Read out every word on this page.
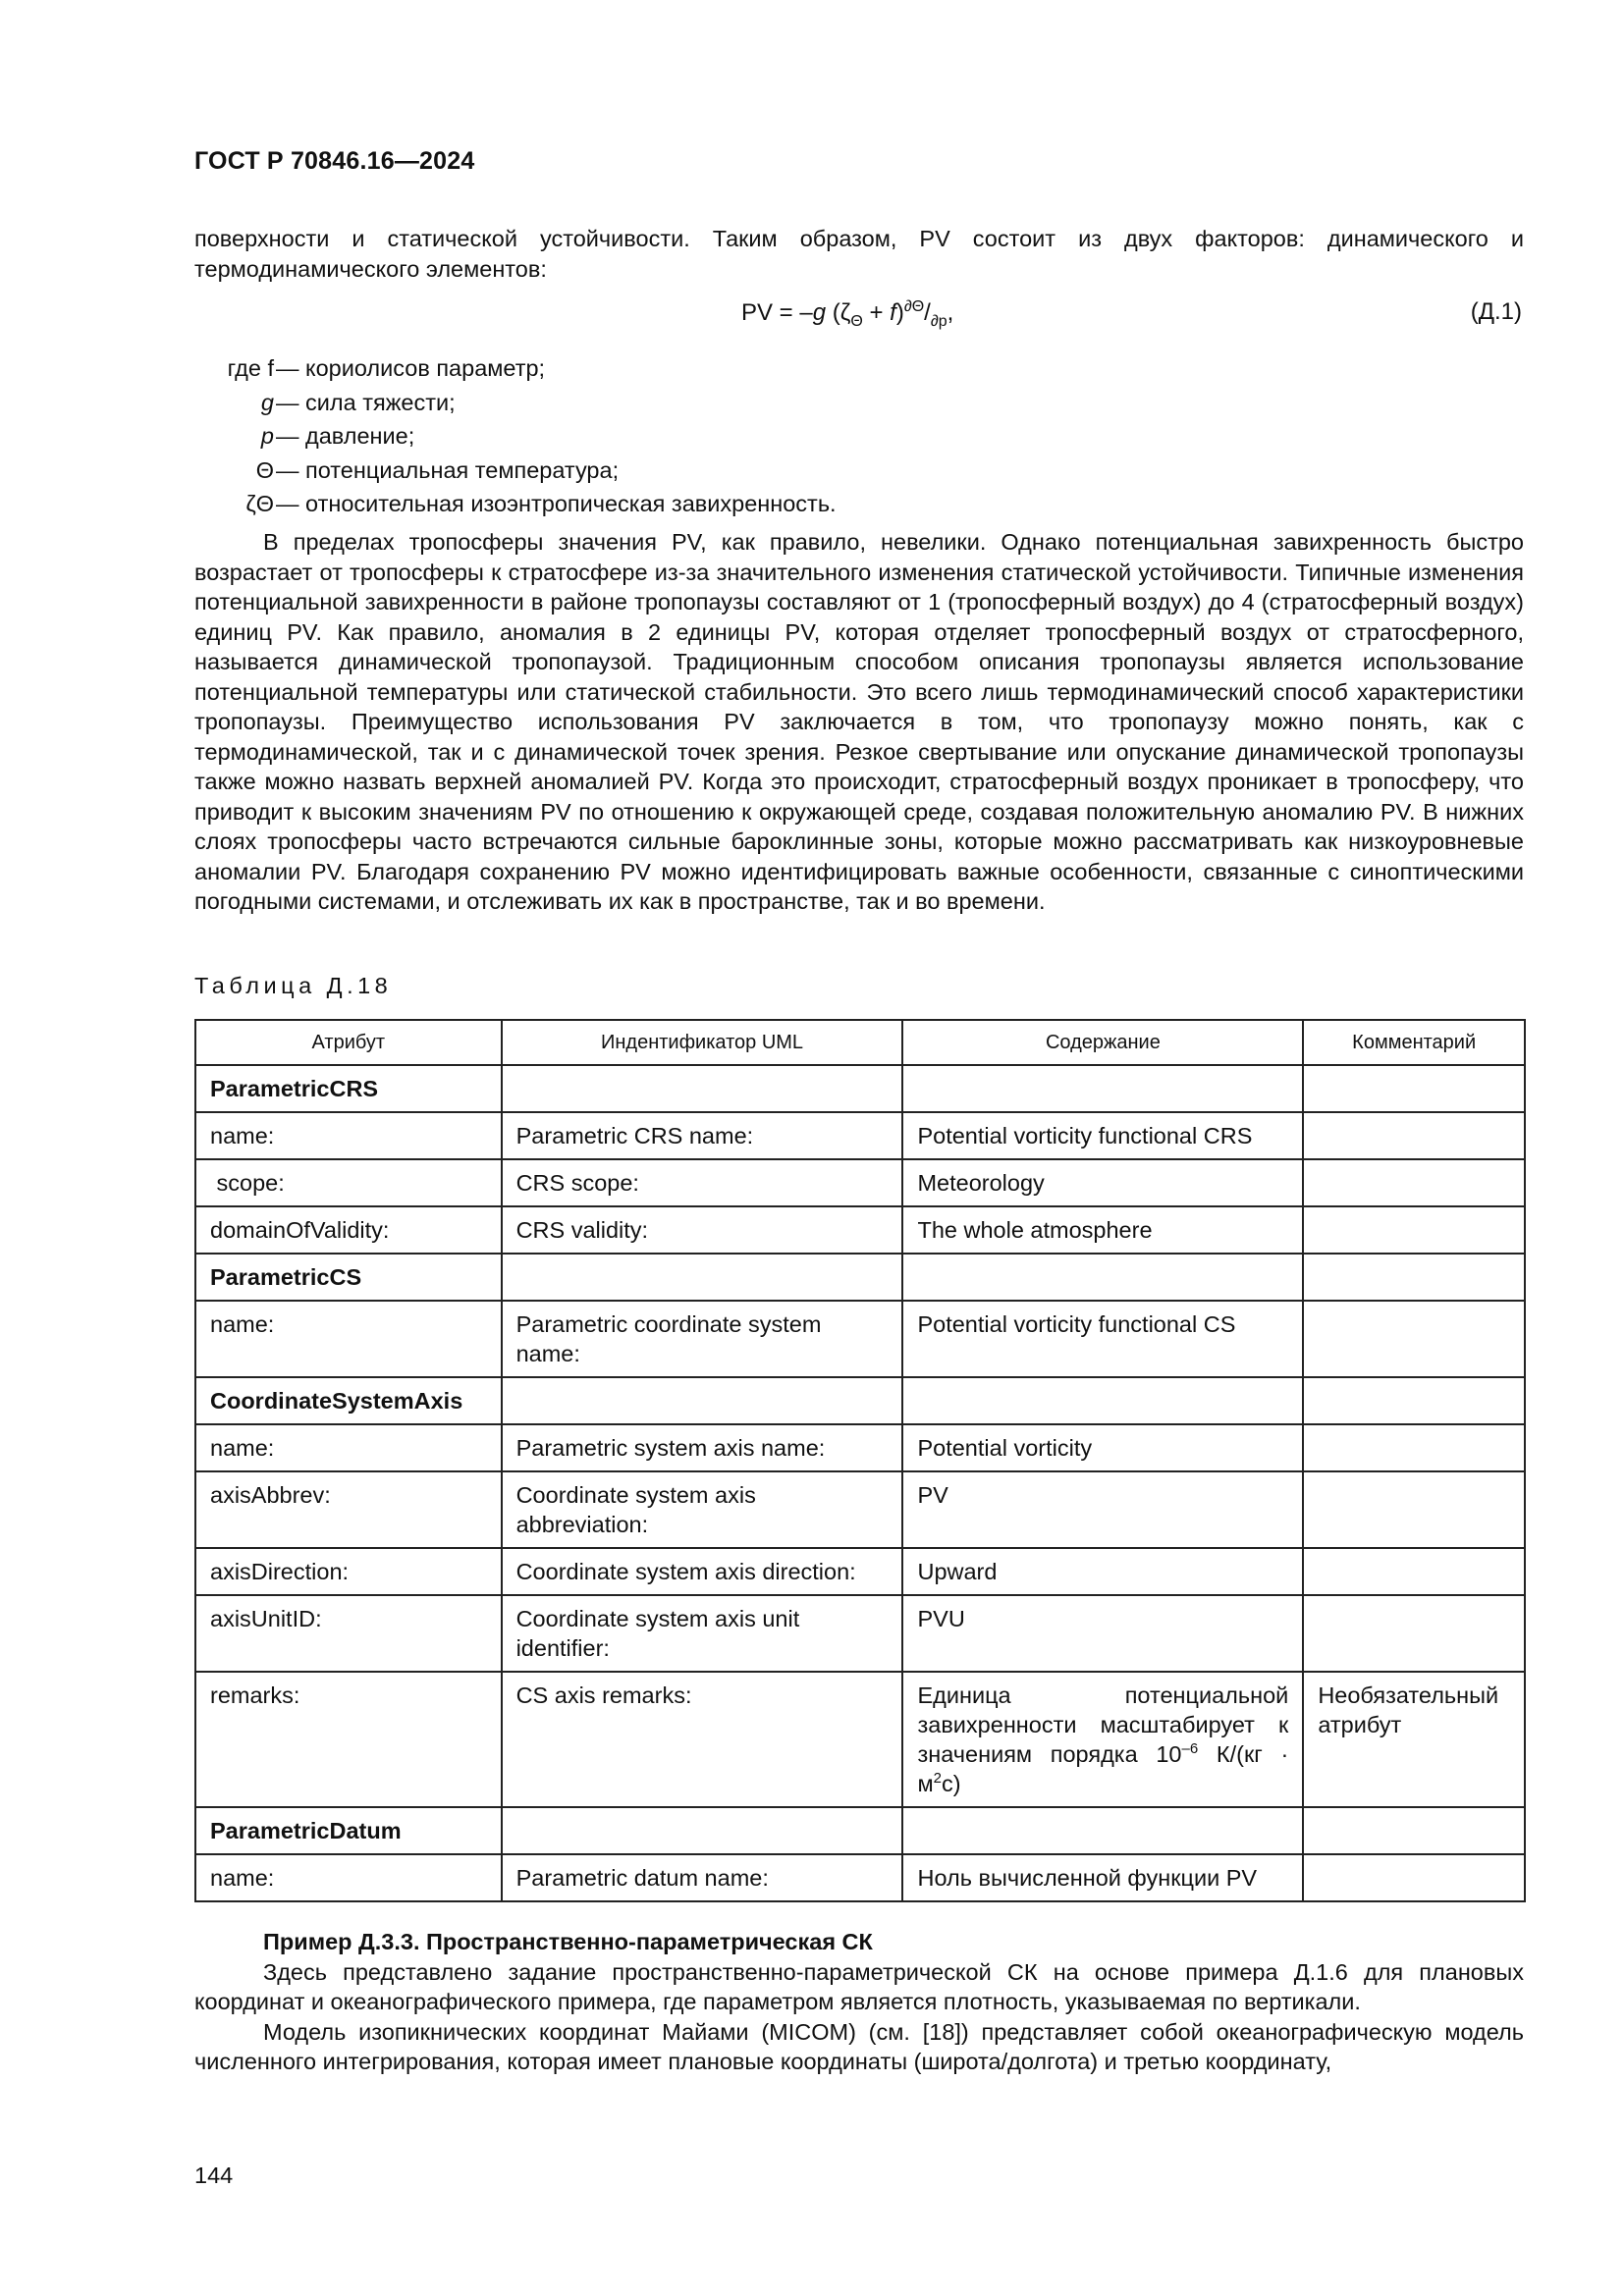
ГОСТ Р 70846.16—2024
поверхности и статической устойчивости. Таким образом, PV состоит из двух факторов: динамического и термодинамического элементов:
PV = –g $(\zeta_\Theta + f)^{\partial\Theta}/_{\partial p}$,	(Д.1)
где f — кориолисов параметр;
g — сила тяжести;
p — давление;
Θ — потенциальная температура;
ζΘ — относительная изоэнтропическая завихренность.
В пределах тропосферы значения PV, как правило, невелики. Однако потенциальная завихренность быстро возрастает от тропосферы к стратосфере из-за значительного изменения статической устойчивости. Типичные изменения потенциальной завихренности в районе тропопаузы составляют от 1 (тропосферный воздух) до 4 (стратосферный воздух) единиц PV. Как правило, аномалия в 2 единицы PV, которая отделяет тропосферный воздух от стратосферного, называется динамической тропопаузой. Традиционным способом описания тропопаузы является использование потенциальной температуры или статической стабильности. Это всего лишь термодинамический способ характеристики тропопаузы. Преимущество использования PV заключается в том, что тропопаузу можно понять, как с термодинамической, так и с динамической точек зрения. Резкое свертывание или опускание динамической тропопаузы также можно назвать верхней аномалией PV. Когда это происходит, стратосферный воздух проникает в тропосферу, что приводит к высоким значениям PV по отношению к окружающей среде, создавая положительную аномалию PV. В нижних слоях тропосферы часто встречаются сильные бароклинные зоны, которые можно рассматривать как низкоуровневые аномалии PV. Благодаря сохранению PV можно идентифицировать важные особенности, связанные с синоптическими погодными системами, и отслеживать их как в пространстве, так и во времени.
Таблица Д.18
Атрибут	Индентификатор UML	Содержание	Комментарий
ParametricCRS			
name:	Parametric CRS name:	Potential vorticity functional CRS	
scope:	CRS scope:	Meteorology	
domainOfValidity:	CRS validity:	The whole atmosphere	
ParametricCS			
name:	Parametric coordinate system name:	Potential vorticity functional CS	
CoordinateSystemAxis			
name:	Parametric system axis name:	Potential vorticity	
axisAbbrev:	Coordinate system axis abbreviation:	PV	
axisDirection:	Coordinate system axis direction:	Upward	
axisUnitID:	Coordinate system axis unit identifier:	PVU	
remarks:	CS axis remarks:	Единица потенциальной завихренности масштабирует к значениям порядка $10^{-6}$ $К/(кг \cdot м^2с)$	Необязательный атрибут
ParametricDatum			
name:	Parametric datum name:	Ноль вычисленной функции PV	
Пример Д.3.3. Пространственно-параметрическая СК
Здесь представлено задание пространственно-параметрической СК на основе примера Д.1.6 для плановых координат и океанографического примера, где параметром является плотность, указываемая по вертикали.
Модель изопикнических координат Майами (MICOM) (см. [18]) представляет собой океанографическую модель численного интегрирования, которая имеет плановые координаты (широта/долгота) и третью координату,
144
